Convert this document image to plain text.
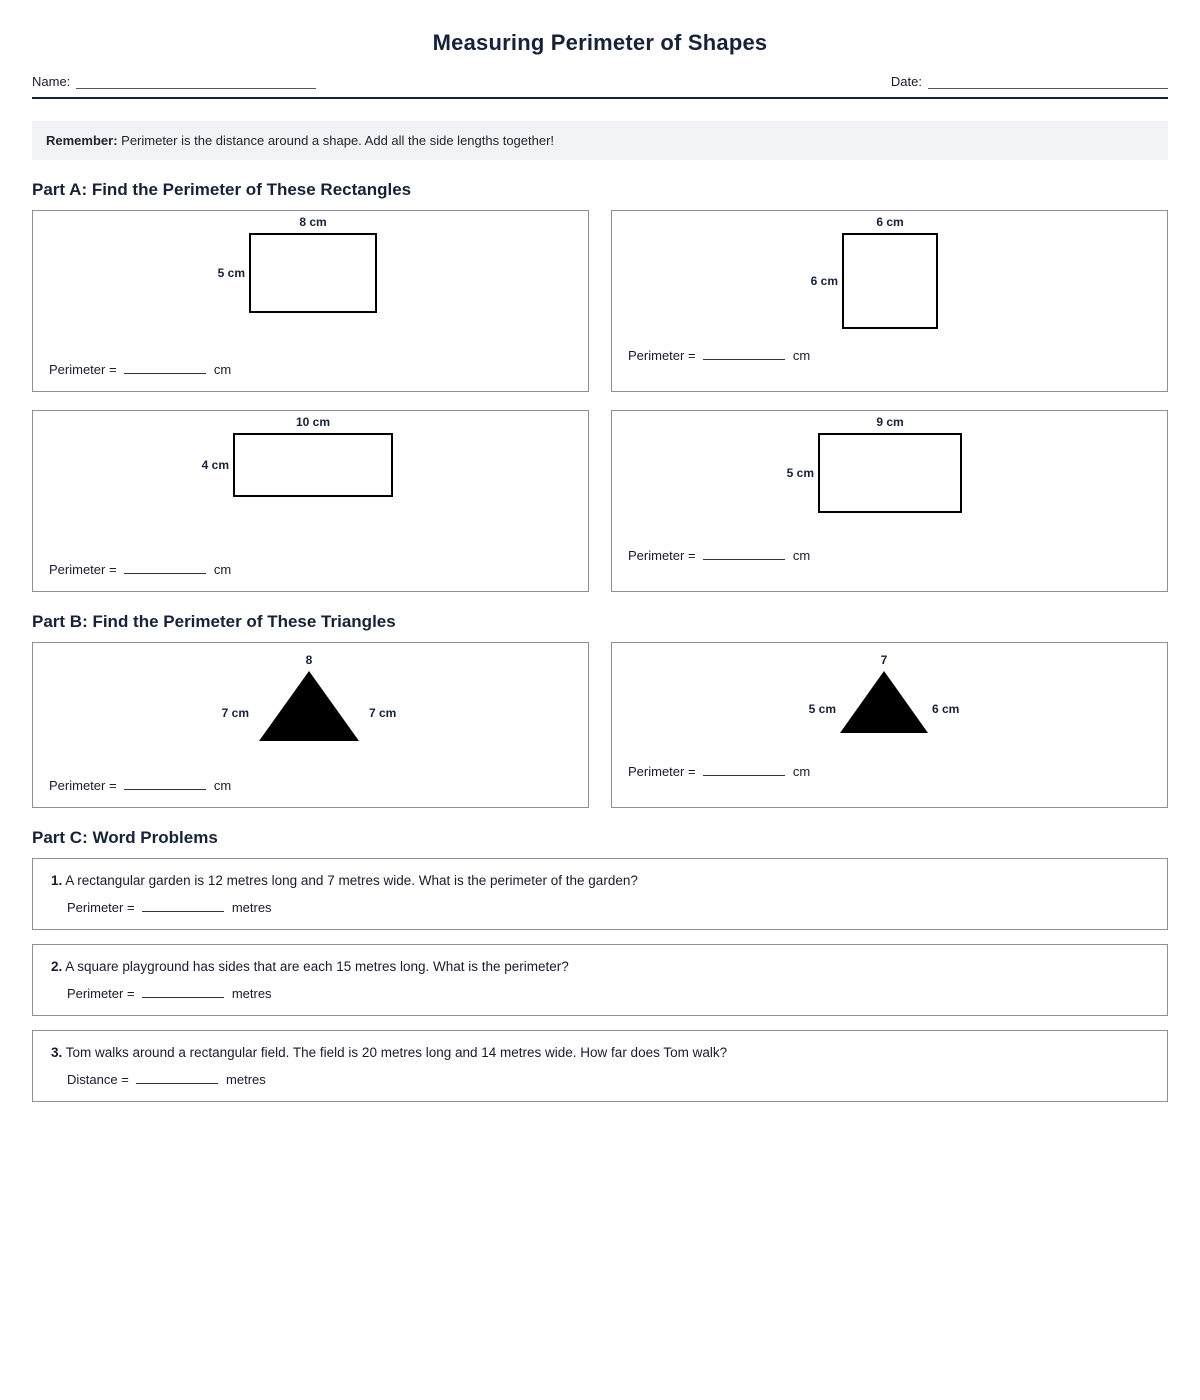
Measuring Perimeter of Shapes
Name:	Date:
Remember: Perimeter is the distance around a shape. Add all the side lengths together!
Part A: Find the Perimeter of These Rectangles
8 cm
5 cm
Perimeter =	cm
6 cm
6 cm
Perimeter =	cm
10 cm
4 cm
Perimeter =	cm
9 cm
5 cm
Perimeter =	cm
Part B: Find the Perimeter of These Triangles
8
7 cm	7 cm
Perimeter =	cm
7
5 cm	6 cm
Perimeter =	cm
Part C: Word Problems
1. A rectangular garden is 12 metres long and 7 metres wide. What is the perimeter of the garden?
Perimeter =	metres
2. A square playground has sides that are each 15 metres long. What is the perimeter?
Perimeter =	metres
3. Tom walks around a rectangular field. The field is 20 metres long and 14 metres wide. How far does Tom walk?
Distance =	metres
